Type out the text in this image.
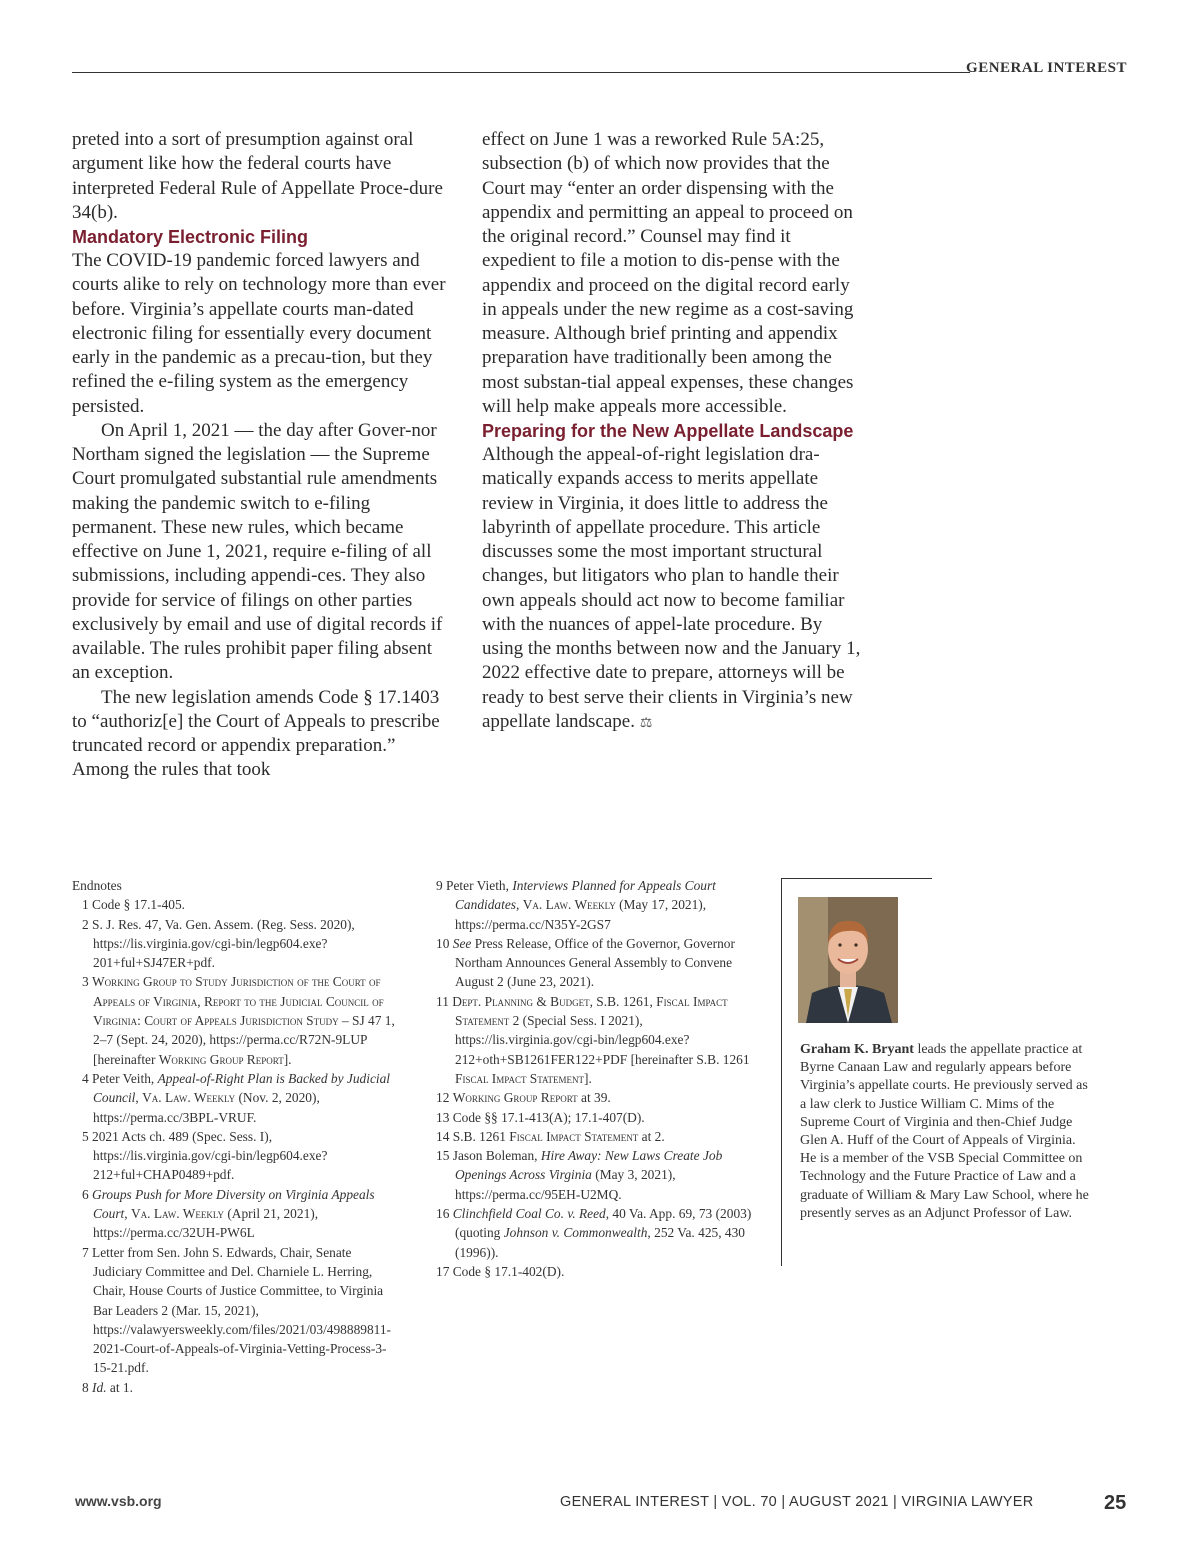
GENERAL INTEREST

preted into a sort of presumption against oral argument like how the federal courts have interpreted Federal Rule of Appellate Proce-dure 34(b).

Mandatory Electronic Filing

The COVID-19 pandemic forced lawyers and courts alike to rely on technology more than ever before. Virginia’s appellate courts man-dated electronic filing for essentially every document early in the pandemic as a precau-tion, but they refined the e-filing system as the emergency persisted.

On April 1, 2021 — the day after Gover-nor Northam signed the legislation — the Supreme Court promulgated substantial rule amendments making the pandemic switch to e-filing permanent. These new rules, which became effective on June 1, 2021, require e-filing of all submissions, including appendi-ces. They also provide for service of filings on other parties exclusively by email and use of digital records if available. The rules prohibit paper filing absent an exception.

The new legislation amends Code § 17.1403 to “authoriz[e] the Court of Appeals to prescribe truncated record or appendix preparation.” Among the rules that took

effect on June 1 was a reworked Rule 5A:25, subsection (b) of which now provides that the Court may “enter an order dispensing with the appendix and permitting an appeal to proceed on the original record.” Counsel may find it expedient to file a motion to dis-pense with the appendix and proceed on the digital record early in appeals under the new regime as a cost-saving measure. Although brief printing and appendix preparation have traditionally been among the most substan-tial appeal expenses, these changes will help make appeals more accessible.

Preparing for the New Appellate Landscape

Although the appeal-of-right legislation dra-matically expands access to merits appellate review in Virginia, it does little to address the labyrinth of appellate procedure. This article discusses some the most important structural changes, but litigators who plan to handle their own appeals should act now to become familiar with the nuances of appel-late procedure. By using the months between now and the January 1, 2022 effective date to prepare, attorneys will be ready to best serve their clients in Virginia’s new appellate landscape. ⚖

Endnotes

1 Code § 17.1-405.

2 S. J. Res. 47, Va. Gen. Assem. (Reg. Sess. 2020), https://lis.virginia.gov/cgi-bin/legp604.exe?201+ful+SJ47ER+pdf.

3 Working Group to Study Jurisdiction of the Court of Appeals of Virginia, Report to the Judicial Council of Virginia: Court of Appeals Jurisdiction Study – SJ 47 1, 2–7 (Sept. 24, 2020), https://perma.cc/R72N-9LUP [hereinafter Working Group Report].

4 Peter Veith, Appeal-of-Right Plan is Backed by Judicial Council, Va. Law. Weekly (Nov. 2, 2020), https://perma.cc/3BPL-VRUF.

5 2021 Acts ch. 489 (Spec. Sess. I), https://lis.virginia.gov/cgi-bin/legp604.exe?212+ful+CHAP0489+pdf.

6 Groups Push for More Diversity on Virginia Appeals Court, Va. Law. Weekly (April 21, 2021), https://perma.cc/32UH-PW6L

7 Letter from Sen. John S. Edwards, Chair, Senate Judiciary Committee and Del. Charniele L. Herring, Chair, House Courts of Justice Committee, to Virginia Bar Leaders 2 (Mar. 15, 2021), https://valawyersweekly.com/files/2021/03/498889811-2021-Court-of-Appeals-of-Virginia-Vetting-Process-3-15-21.pdf.

8 Id. at 1.

9 Peter Vieth, Interviews Planned for Appeals Court Candidates, Va. Law. Weekly (May 17, 2021), https://perma.cc/N35Y-2GS7

10 See Press Release, Office of the Governor, Governor Northam Announces General Assembly to Convene August 2 (June 23, 2021).

11 Dept. Planning & Budget, S.B. 1261, Fiscal Impact Statement 2 (Special Sess. I 2021), https://lis.virginia.gov/cgi-bin/legp604.exe?212+oth+SB1261FER122+PDF [hereinafter S.B. 1261 Fiscal Impact Statement].

12 Working Group Report at 39.

13 Code §§ 17.1-413(A); 17.1-407(D).

14 S.B. 1261 Fiscal Impact Statement at 2.

15 Jason Boleman, Hire Away: New Laws Create Job Openings Across Virginia (May 3, 2021), https://perma.cc/95EH-U2MQ.

16 Clinchfield Coal Co. v. Reed, 40 Va. App. 69, 73 (2003) (quoting Johnson v. Commonwealth, 252 Va. 425, 430 (1996)).

17 Code § 17.1-402(D).

Graham K. Bryant leads the appellate practice at Byrne Canaan Law and regularly appears before Virginia’s appellate courts. He previously served as a law clerk to Justice William C. Mims of the Supreme Court of Virginia and then-Chief Judge Glen A. Huff of the Court of Appeals of Virginia. He is a member of the VSB Special Committee on Technology and the Future Practice of Law and a graduate of William & Mary Law School, where he presently serves as an Adjunct Professor of Law.
www.vsb.org	GENERAL INTEREST | VOL. 70 | AUGUST 2021 | VIRGINIA LAWYER	25
